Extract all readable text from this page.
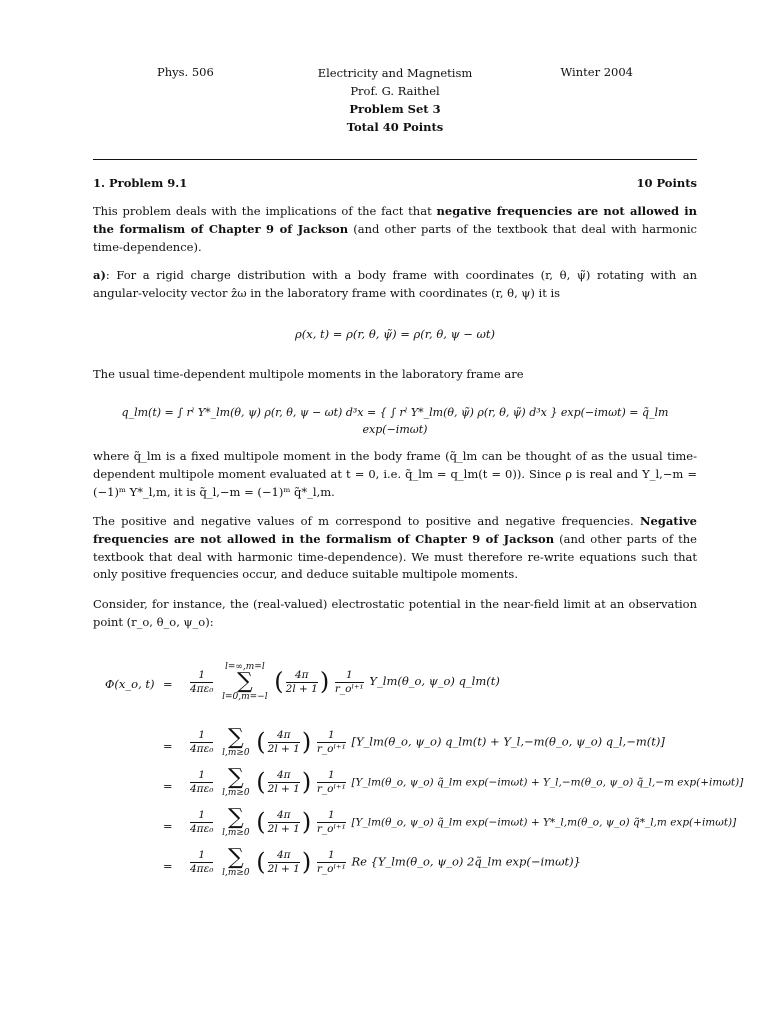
Phys. 506	Electricity and Magnetism
Prof. G. Raithel
Problem Set 3
Total 40 Points
Winter 2004
1. Problem 9.1	10 Points

This problem deals with the implications of the fact that negative frequencies are not allowed in the formalism of Chapter 9 of Jackson (and other parts of the textbook that deal with harmonic time-dependence).

a): For a rigid charge distribution with a body frame with coordinates (r, θ, ψ̃) rotating with an angular-velocity vector ẑω in the laboratory frame with coordinates (r, θ, ψ) it is

ρ(x, t) = ρ(r, θ, ψ̃) = ρ(r, θ, ψ − ωt)

The usual time-dependent multipole moments in the laboratory frame are

q_lm(t) = ∫ rˡ Y*_lm(θ, ψ) ρ(r, θ, ψ − ωt) d³x = { ∫ rˡ Y*_lm(θ, ψ̃) ρ(r, θ, ψ̃) d³x } exp(−imωt) = q̃_lm exp(−imωt)

where q̃_lm is a fixed multipole moment in the body frame (q̃_lm can be thought of as the usual time-dependent multipole moment evaluated at t = 0, i.e. q̃_lm = q_lm(t = 0)). Since ρ is real and Y_l,−m = (−1)ᵐ Y*_l,m, it is q̃_l,−m = (−1)ᵐ q̃*_l,m.

The positive and negative values of m correspond to positive and negative frequencies. Negative frequencies are not allowed in the formalism of Chapter 9 of Jackson (and other parts of the textbook that deal with harmonic time-dependence). We must therefore re-write equations such that only positive frequencies occur, and deduce suitable multipole moments.

Consider, for instance, the (real-valued) electrostatic potential in the near-field limit at an observation point (r_o, θ_o, ψ_o):

Φ(x_o, $t) = \frac{1}{\text{4πε₀}}$
l=∞,m=l
∑
l=0,m=−l ( $\frac{4\pi}{2l + 1}$ ) $\frac{1}{\text{r\_oˡ⁺¹}}$ Y_lm(θ_o, ψ_o) q_lm(t)
= $\frac{1}{\text{4πε₀}}$
∑
l,m≥0 ( $\frac{4\pi}{2l + 1}$ ) $\frac{1}{\text{r\_oˡ⁺¹}}$ [Y_lm(θ_o, ψ_o) q_lm(t) + Y_l,−m(θ_o, ψ_o) q_l,−m(t)]
= $\frac{1}{\text{4πε₀}}$
∑
l,m≥0 ( $\frac{4\pi}{2l + 1}$ ) $\frac{1}{\text{r\_oˡ⁺¹}}$ [Y_lm(θ_o, ψ_o) q̃_lm exp(−imωt) + Y_l,−m(θ_o, ψ_o) q̃_l,−m exp(+imωt)]
= $\frac{1}{\text{4πε₀}}$
∑
l,m≥0 ( $\frac{4\pi}{2l + 1}$ ) $\frac{1}{\text{r\_oˡ⁺¹}}$ [Y_lm(θ_o, ψ_o) q̃_lm exp(−imωt) + Y*_l,m(θ_o, ψ_o) q̃*_l,m exp(+imωt)]
= $\frac{1}{\text{4πε₀}}$
∑
l,m≥0 ( $\frac{4\pi}{2l + 1}$ ) $\frac{1}{\text{r\_oˡ⁺¹}}$ Re {Y_lm(θ_o, ψ_o) 2q̃_lm exp(−imωt)}
